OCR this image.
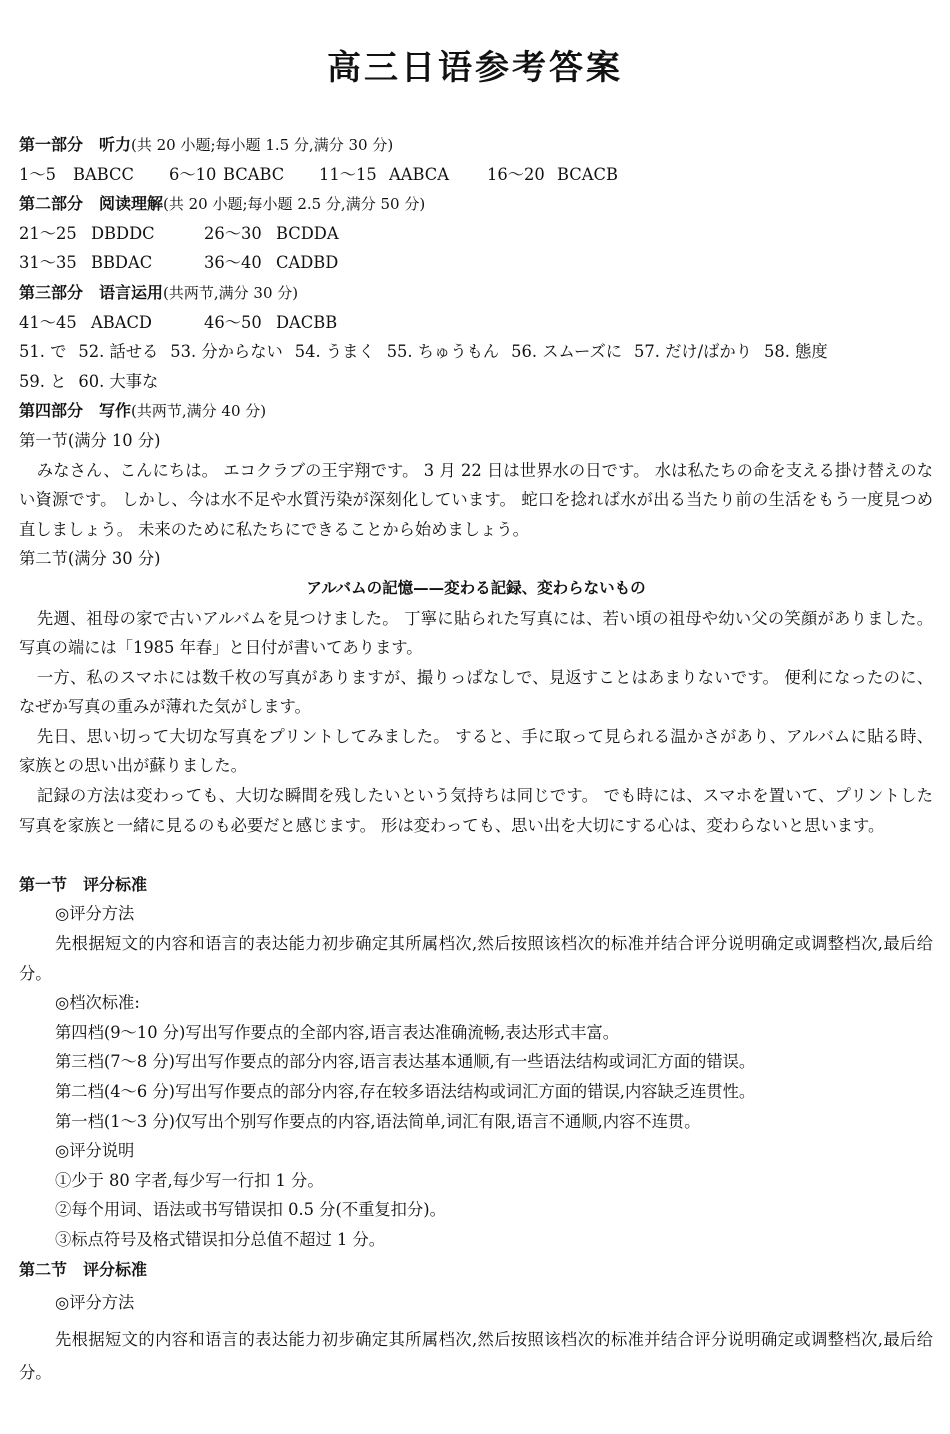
高三日语参考答案
第一部分　听力(共 20 小题;每小题 1.5 分,满分 30 分)
1～5 BABCC 6～10 BCABC 11～15 AABCA 16～20 BCACB
第二部分　阅读理解(共 20 小题;每小题 2.5 分,满分 50 分)
21～25 DBDDC	26～30 BCDDA
31～35 BBDAC	36～40 CADBD
第三部分　语言运用(共两节,满分 30 分)
41～45 ABACD	46～50 DACBB
51. で 52. 話せる 53. 分からない 54. うまく 55. ちゅうもん 56. スムーズに 57. だけ/ばかり 58. 態度
59. と 60. 大事な
第四部分　写作(共两节,满分 40 分)
第一节(满分 10 分)
みなさん、こんにちは。 エコクラブの王宇翔です。 3 月 22 日は世界水の日です。 水は私たちの命を支える掛け替えのない資源です。 しかし、今は水不足や水質汚染が深刻化しています。 蛇口を捻れば水が出る当たり前の生活をもう一度見つめ直しましょう。 未来のために私たちにできることから始めましょう。
第二节(满分 30 分)
アルバムの記憶——変わる記録、変わらないもの
先週、祖母の家で古いアルバムを見つけました。 丁寧に貼られた写真には、若い頃の祖母や幼い父の笑顔がありました。 写真の端には「1985 年春」と日付が書いてあります。
一方、私のスマホには数千枚の写真がありますが、撮りっぱなしで、見返すことはあまりないです。 便利になったのに、なぜか写真の重みが薄れた気がします。
先日、思い切って大切な写真をプリントしてみました。 すると、手に取って見られる温かさがあり、アルバムに貼る時、家族との思い出が蘇りました。
記録の方法は変わっても、大切な瞬間を残したいという気持ちは同じです。 でも時には、スマホを置いて、プリントした写真を家族と一緒に見るのも必要だと感じます。 形は変わっても、思い出を大切にする心は、変わらないと思います。
第一节　评分标准
◎评分方法
先根据短文的内容和语言的表达能力初步确定其所属档次,然后按照该档次的标准并结合评分说明确定或调整档次,最后给分。
◎档次标准:
第四档(9～10 分)写出写作要点的全部内容,语言表达准确流畅,表达形式丰富。
第三档(7～8 分)写出写作要点的部分内容,语言表达基本通顺,有一些语法结构或词汇方面的错误。
第二档(4～6 分)写出写作要点的部分内容,存在较多语法结构或词汇方面的错误,内容缺乏连贯性。
第一档(1～3 分)仅写出个别写作要点的内容,语法简单,词汇有限,语言不通顺,内容不连贯。
◎评分说明
①少于 80 字者,每少写一行扣 1 分。
②每个用词、语法或书写错误扣 0.5 分(不重复扣分)。
③标点符号及格式错误扣分总值不超过 1 分。
第二节　评分标准
◎评分方法
先根据短文的内容和语言的表达能力初步确定其所属档次,然后按照该档次的标准并结合评分说明确定或调整档次,最后给分。
